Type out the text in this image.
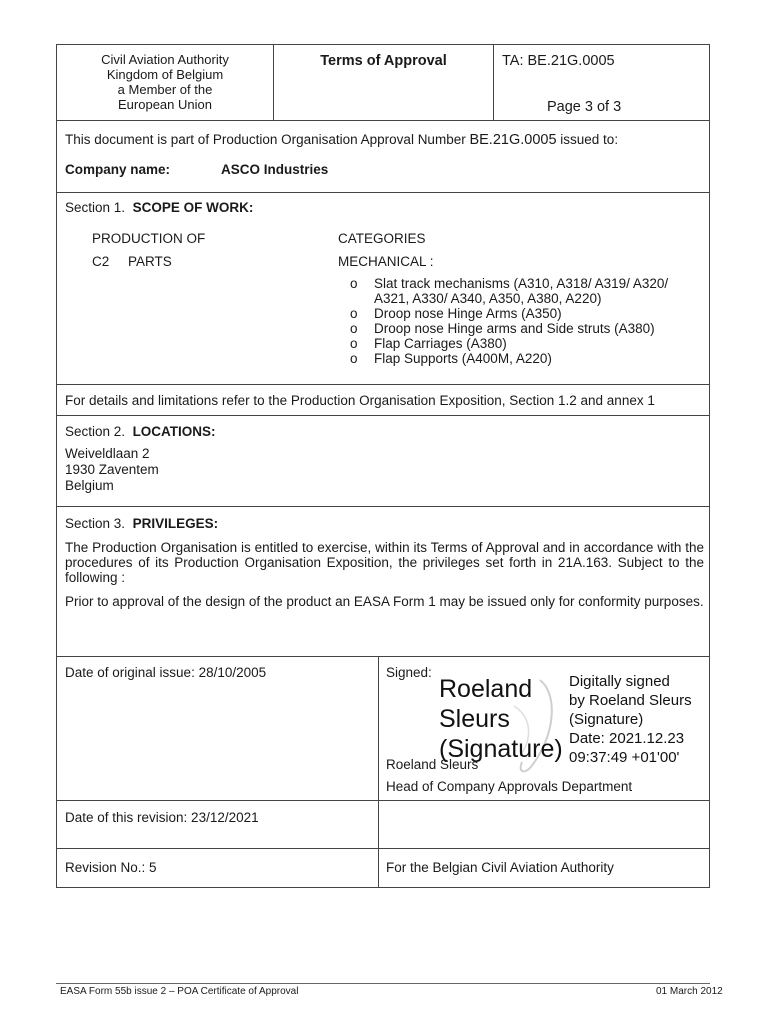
Civil Aviation Authority
Kingdom of Belgium
a Member of the
European Union
Terms of Approval	TA: BE.21G.0005
Page 3 of 3
This document is part of Production Organisation Approval Number BE.21G.0005 issued to:
Company name:	ASCO Industries
Section 1. SCOPE OF WORK:
PRODUCTION OF	CATEGORIES
C2 PARTS	MECHANICAL :
o Slat track mechanisms (A310, A318/ A319/ A320/
A321, A330/ A340, A350, A380, A220)
o Droop nose Hinge Arms (A350)
o Droop nose Hinge arms and Side struts (A380)
o Flap Carriages (A380)
o Flap Supports (A400M, A220)
For details and limitations refer to the Production Organisation Exposition, Section 1.2 and annex 1
Section 2. LOCATIONS:
Weiveldlaan 2
1930 Zaventem
Belgium
Section 3. PRIVILEGES:
The Production Organisation is entitled to exercise, within its Terms of Approval and in accordance with the procedures of its Production Organisation Exposition, the privileges set forth in 21A.163. Subject to the following :
Prior to approval of the design of the product an EASA Form 1 may be issued only for conformity purposes.
Date of original issue: 28/10/2005	Signed:
Roeland
Sleurs
(Signature)
Digitally signed
by Roeland Sleurs
(Signature)
Date: 2021.12.23
09:37:49 +01'00'
Roeland Sleurs
Head of Company Approvals Department
Date of this revision: 23/12/2021
Revision No.: 5	For the Belgian Civil Aviation Authority
EASA Form 55b issue 2 – POA Certificate of Approval	01 March 2012
